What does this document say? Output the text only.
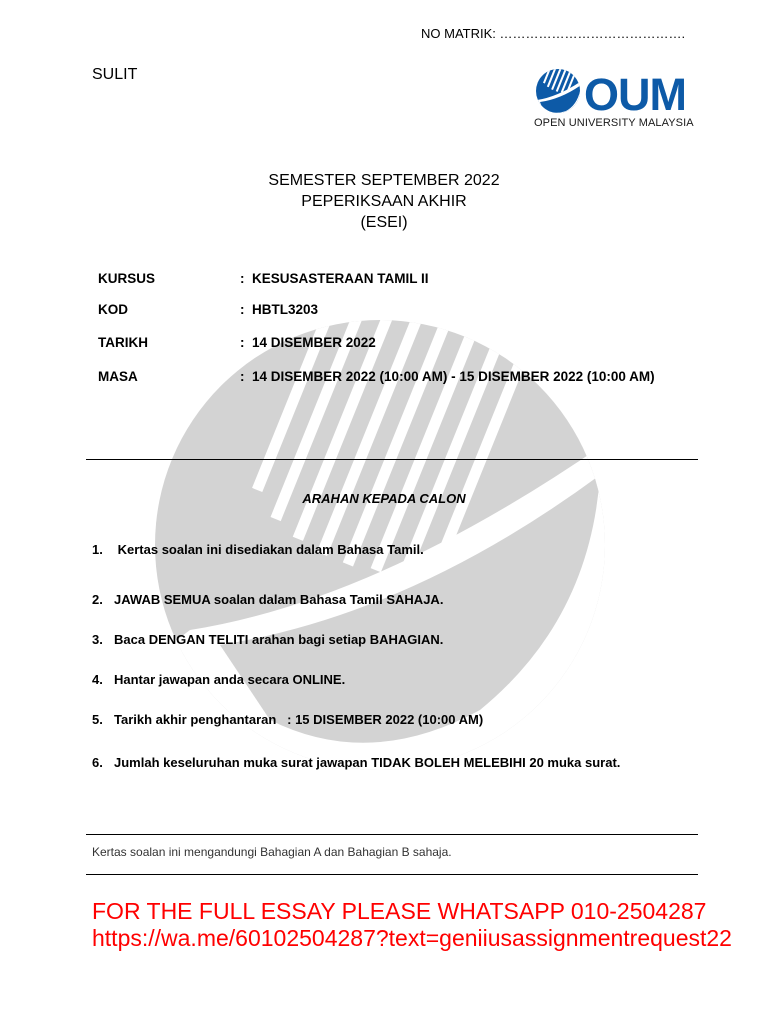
NO MATRIK: …………………………………….
SULIT	OUM
OPEN UNIVERSITY MALAYSIA
SEMESTER SEPTEMBER 2022
PEPERIKSAAN AKHIR
(ESEI)
KURSUS	: KESUSASTERAAN TAMIL II
KOD	: HBTL3203
TARIKH	: 14 DISEMBER 2022
MASA	: 14 DISEMBER 2022 (10:00 AM) - 15 DISEMBER 2022 (10:00 AM)
ARAHAN KEPADA CALON
1. Kertas soalan ini disediakan dalam Bahasa Tamil.
2. JAWAB SEMUA soalan dalam Bahasa Tamil SAHAJA.
3. Baca DENGAN TELITI arahan bagi setiap BAHAGIAN.
4. Hantar jawapan anda secara ONLINE.
5. Tarikh akhir penghantaran   : 15 DISEMBER 2022 (10:00 AM)
6. Jumlah keseluruhan muka surat jawapan TIDAK BOLEH MELEBIHI 20 muka surat.
Kertas soalan ini mengandungi Bahagian A dan Bahagian B sahaja.
FOR THE FULL ESSAY PLEASE WHATSAPP 010-2504287
https://wa.me/60102504287?text=geniiusassignmentrequest22
